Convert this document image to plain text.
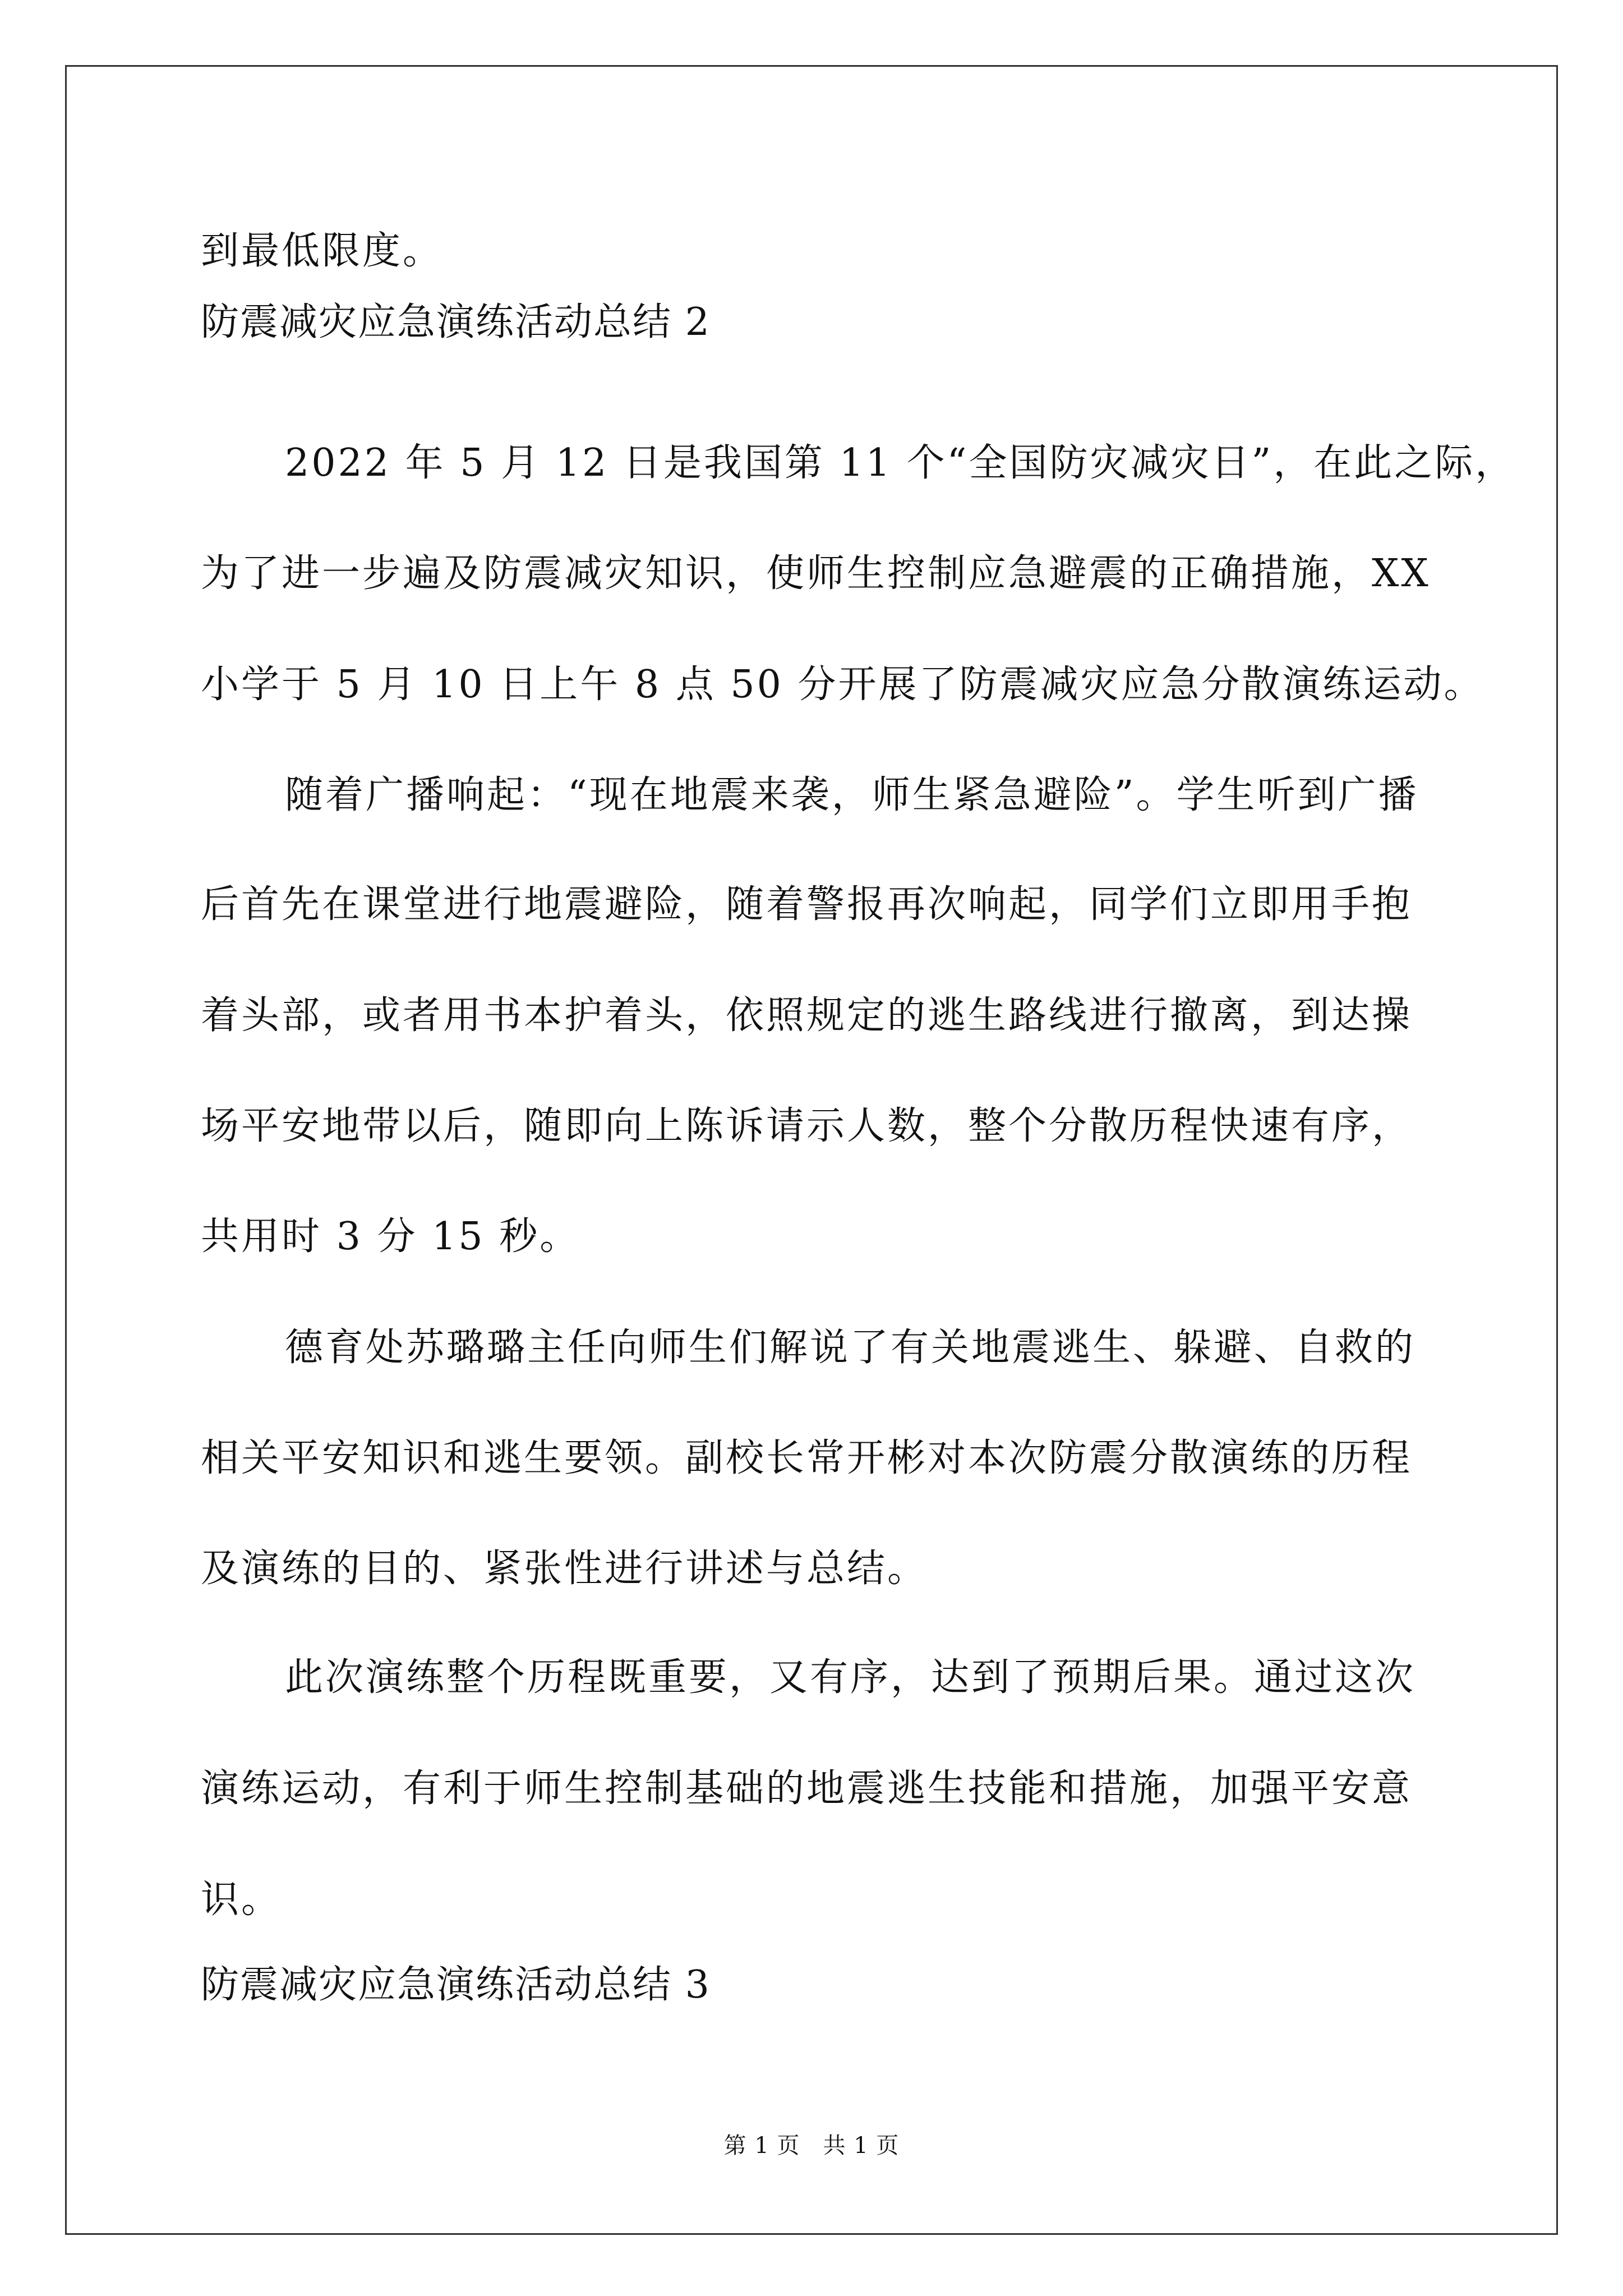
到最低限度。
防震减灾应急演练活动总结 2
2022 年 5 月 12 日是我国第 11 个“全国防灾减灾日”，在此之际，
为了进一步遍及防震减灾知识，使师生控制应急避震的正确措施，XX
小学于 5 月 10 日上午 8 点 50 分开展了防震减灾应急分散演练运动。
随着广播响起：“现在地震来袭，师生紧急避险”。学生听到广播
后首先在课堂进行地震避险，随着警报再次响起，同学们立即用手抱
着头部，或者用书本护着头，依照规定的逃生路线进行撤离，到达操
场平安地带以后，随即向上陈诉请示人数，整个分散历程快速有序，
共用时 3 分 15 秒。
德育处苏璐璐主任向师生们解说了有关地震逃生、躲避、自救的
相关平安知识和逃生要领。副校长常开彬对本次防震分散演练的历程
及演练的目的、紧张性进行讲述与总结。
此次演练整个历程既重要，又有序，达到了预期后果。通过这次
演练运动，有利于师生控制基础的地震逃生技能和措施，加强平安意
识。
防震减灾应急演练活动总结 3
第 1 页　共 1 页
